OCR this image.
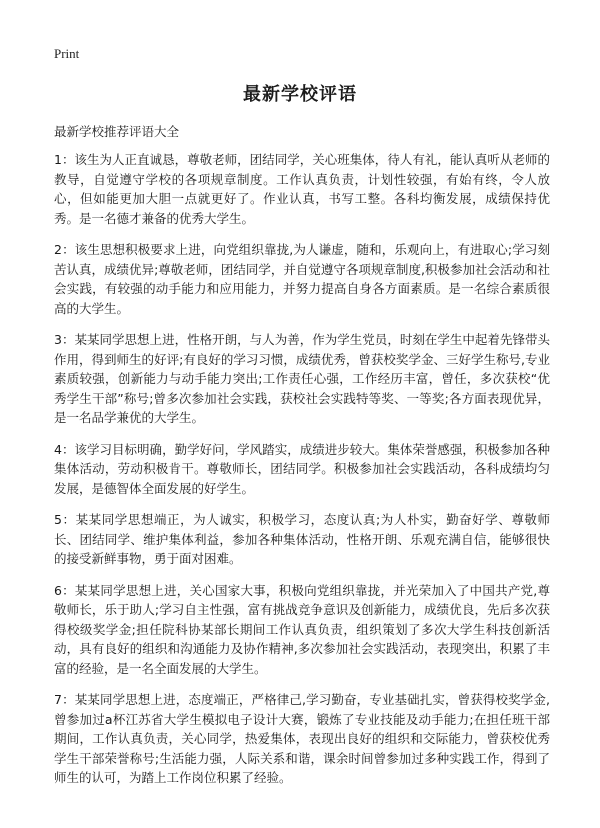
Print
最新学校评语
最新学校推荐评语大全

1：该生为人正直诚恳，尊敬老师，团结同学，关心班集体，待人有礼，能认真听从老师的教导，自觉遵守学校的各项规章制度。工作认真负责，计划性较强，有始有终，令人放心，但如能更加大胆一点就更好了。作业认真，书写工整。各科均衡发展，成绩保持优秀。是一名德才兼备的优秀大学生。

2：该生思想积极要求上进，向党组织靠拢,为人谦虚，随和，乐观向上，有进取心;学习刻苦认真，成绩优异;尊敬老师，团结同学，并自觉遵守各项规章制度,积极参加社会活动和社会实践，有较强的动手能力和应用能力，并努力提高自身各方面素质。是一名综合素质很高的大学生。

3：某某同学思想上进，性格开朗，与人为善，作为学生党员，时刻在学生中起着先锋带头作用，得到师生的好评;有良好的学习习惯，成绩优秀，曾获校奖学金、三好学生称号,专业素质较强，创新能力与动手能力突出;工作责任心强，工作经历丰富，曾任，多次获校“优秀学生干部”称号;曾多次参加社会实践，获校社会实践特等奖、一等奖;各方面表现优异，是一名品学兼优的大学生。

4：该学习目标明确，勤学好问，学风踏实，成绩进步较大。集体荣誉感强，积极参加各种集体活动，劳动积极肯干。尊敬师长，团结同学。积极参加社会实践活动，各科成绩均匀发展，是德智体全面发展的好学生。

5：某某同学思想端正，为人诚实，积极学习，态度认真;为人朴实，勤奋好学、尊敬师长、团结同学、维护集体利益，参加各种集体活动，性格开朗、乐观充满自信，能够很快的接受新鲜事物，勇于面对困难。

6：某某同学思想上进，关心国家大事，积极向党组织靠拢，并光荣加入了中国共产党,尊敬师长，乐于助人;学习自主性强，富有挑战竞争意识及创新能力，成绩优良，先后多次获得校级奖学金;担任院科协某部长期间工作认真负责，组织策划了多次大学生科技创新活动，具有良好的组织和沟通能力及协作精神,多次参加社会实践活动，表现突出，积累了丰富的经验，是一名全面发展的大学生。

7：某某同学思想上进，态度端正，严格律己,学习勤奋，专业基础扎实，曾获得校奖学金,曾参加过a杯江苏省大学生模拟电子设计大赛，锻炼了专业技能及动手能力;在担任班干部期间，工作认真负责，关心同学，热爱集体，表现出良好的组织和交际能力，曾获校优秀学生干部荣誉称号;生活能力强，人际关系和谐，课余时间曾参加过多种实践工作，得到了师生的认可，为踏上工作岗位积累了经验。
